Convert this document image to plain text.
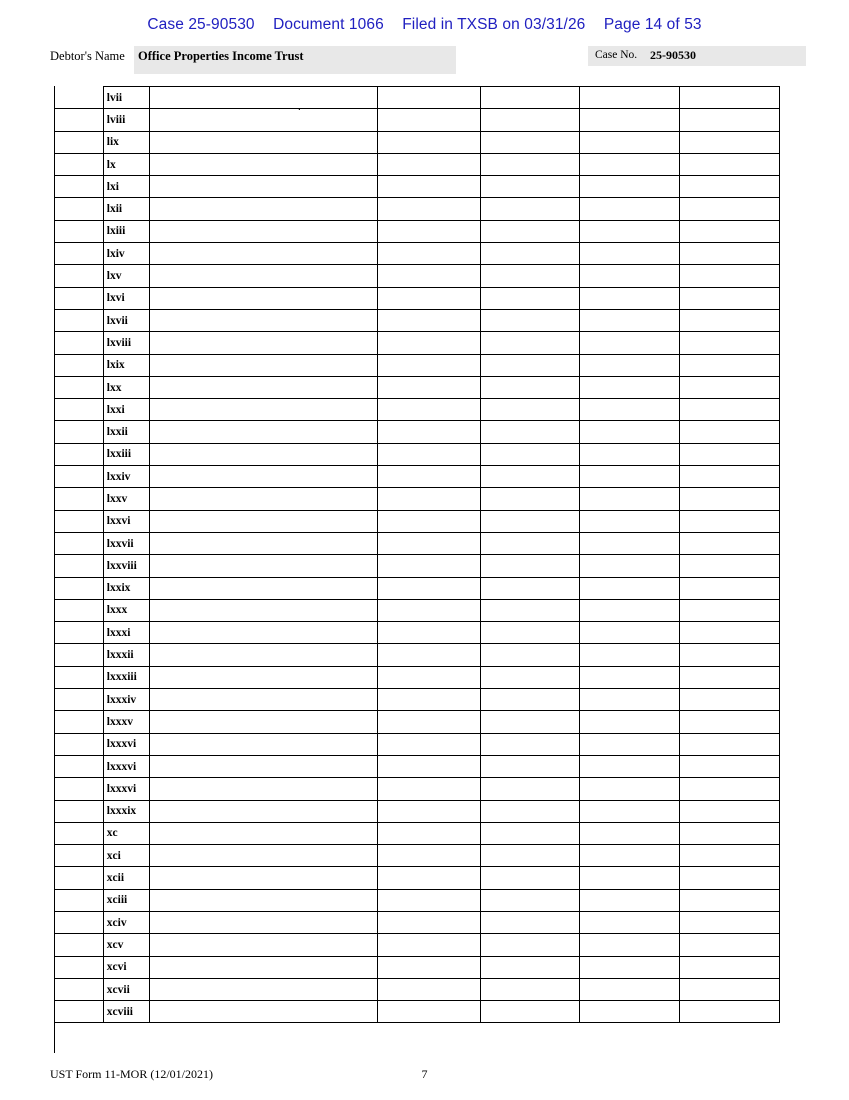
Case 25-90530 Document 1066 Filed in TXSB on 03/31/26 Page 14 of 53
Debtor's Name Office Properties Income Trust	Case No. 25-90530
.
	lvii					
	lviii					
	lix					
	lx					
	lxi					
	lxii					
	lxiii					
	lxiv					
	lxv					
	lxvi					
	lxvii					
	lxviii					
	lxix					
	lxx					
	lxxi					
	lxxii					
	lxxiii					
	lxxiv					
	lxxv					
	lxxvi					
	lxxvii					
	lxxviii					
	lxxix					
	lxxx					
	lxxxi					
	lxxxii					
	lxxxiii					
	lxxxiv					
	lxxxv					
	lxxxvi					
	lxxxvi					
	lxxxvi					
	lxxxix					
	xc					
	xci					
	xcii					
	xciii					
	xciv					
	xcv					
	xcvi					
	xcvii					
	xcviii					
UST Form 11-MOR (12/01/2021)	7
